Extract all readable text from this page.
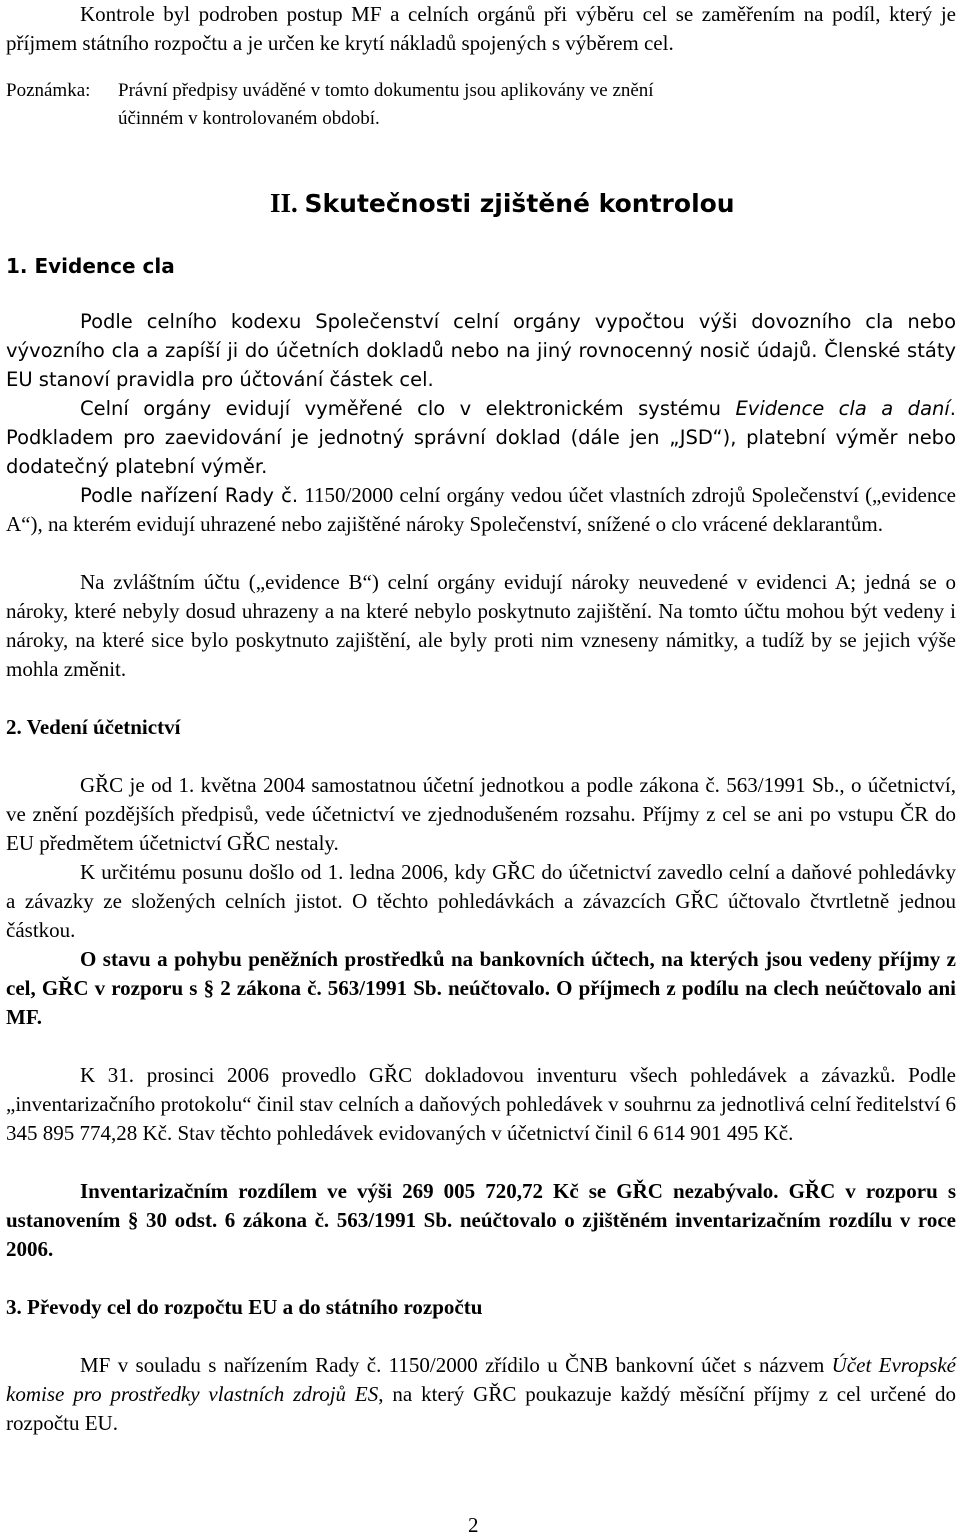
Kontrole byl podroben postup MF a celních orgánů při výběru cel se zaměřením na podíl, který je příjmem státního rozpočtu a je určen ke krytí nákladů spojených s výběrem cel.

Poznámka: Právní předpisy uváděné v tomto dokumentu jsou aplikovány ve znění účinném v kontrolovaném období.
II. Skutečnosti zjištěné kontrolou
1. Evidence cla

Podle celního kodexu Společenství celní orgány vypočtou výši dovozního cla nebo vývozního cla a zapíší ji do účetních dokladů nebo na jiný rovnocenný nosič údajů. Členské státy EU stanoví pravidla pro účtování částek cel.

Celní orgány evidují vyměřené clo v elektronickém systému Evidence cla a daní. Podkladem pro zaevidování je jednotný správní doklad (dále jen „JSD“), platební výměr nebo dodatečný platební výměr.

Podle nařízení Rady č. 1150/2000 celní orgány vedou účet vlastních zdrojů Společenství („evidence A“), na kterém evidují uhrazené nebo zajištěné nároky Společenství, snížené o clo vrácené deklarantům.

Na zvláštním účtu („evidence B“) celní orgány evidují nároky neuvedené v evidenci A; jedná se o nároky, které nebyly dosud uhrazeny a na které nebylo poskytnuto zajištění. Na tomto účtu mohou být vedeny i nároky, na které sice bylo poskytnuto zajištění, ale byly proti nim vzneseny námitky, a tudíž by se jejich výše mohla změnit.

2. Vedení účetnictví

GŘC je od 1. května 2004 samostatnou účetní jednotkou a podle zákona č. 563/1991 Sb., o účetnictví, ve znění pozdějších předpisů, vede účetnictví ve zjednodušeném rozsahu. Příjmy z cel se ani po vstupu ČR do EU předmětem účetnictví GŘC nestaly.

K určitému posunu došlo od 1. ledna 2006, kdy GŘC do účetnictví zavedlo celní a daňové pohledávky a závazky ze složených celních jistot. O těchto pohledávkách a závazcích GŘC účtovalo čtvrtletně jednou částkou.

O stavu a pohybu peněžních prostředků na bankovních účtech, na kterých jsou vedeny příjmy z cel, GŘC v rozporu s § 2 zákona č. 563/1991 Sb. neúčtovalo. O příjmech z podílu na clech neúčtovalo ani MF.

K 31. prosinci 2006 provedlo GŘC dokladovou inventuru všech pohledávek a závazků. Podle „inventarizačního protokolu“ činil stav celních a daňových pohledávek v souhrnu za jednotlivá celní ředitelství 6 345 895 774,28 Kč. Stav těchto pohledávek evidovaných v účetnictví činil 6 614 901 495 Kč.

Inventarizačním rozdílem ve výši 269 005 720,72 Kč se GŘC nezabývalo. GŘC v rozporu s ustanovením § 30 odst. 6 zákona č. 563/1991 Sb. neúčtovalo o zjištěném inventarizačním rozdílu v roce 2006.

3. Převody cel do rozpočtu EU a do státního rozpočtu

MF v souladu s nařízením Rady č. 1150/2000 zřídilo u ČNB bankovní účet s názvem Účet Evropské komise pro prostředky vlastních zdrojů ES, na který GŘC poukazuje každý měsíční příjmy z cel určené do rozpočtu EU.

2
